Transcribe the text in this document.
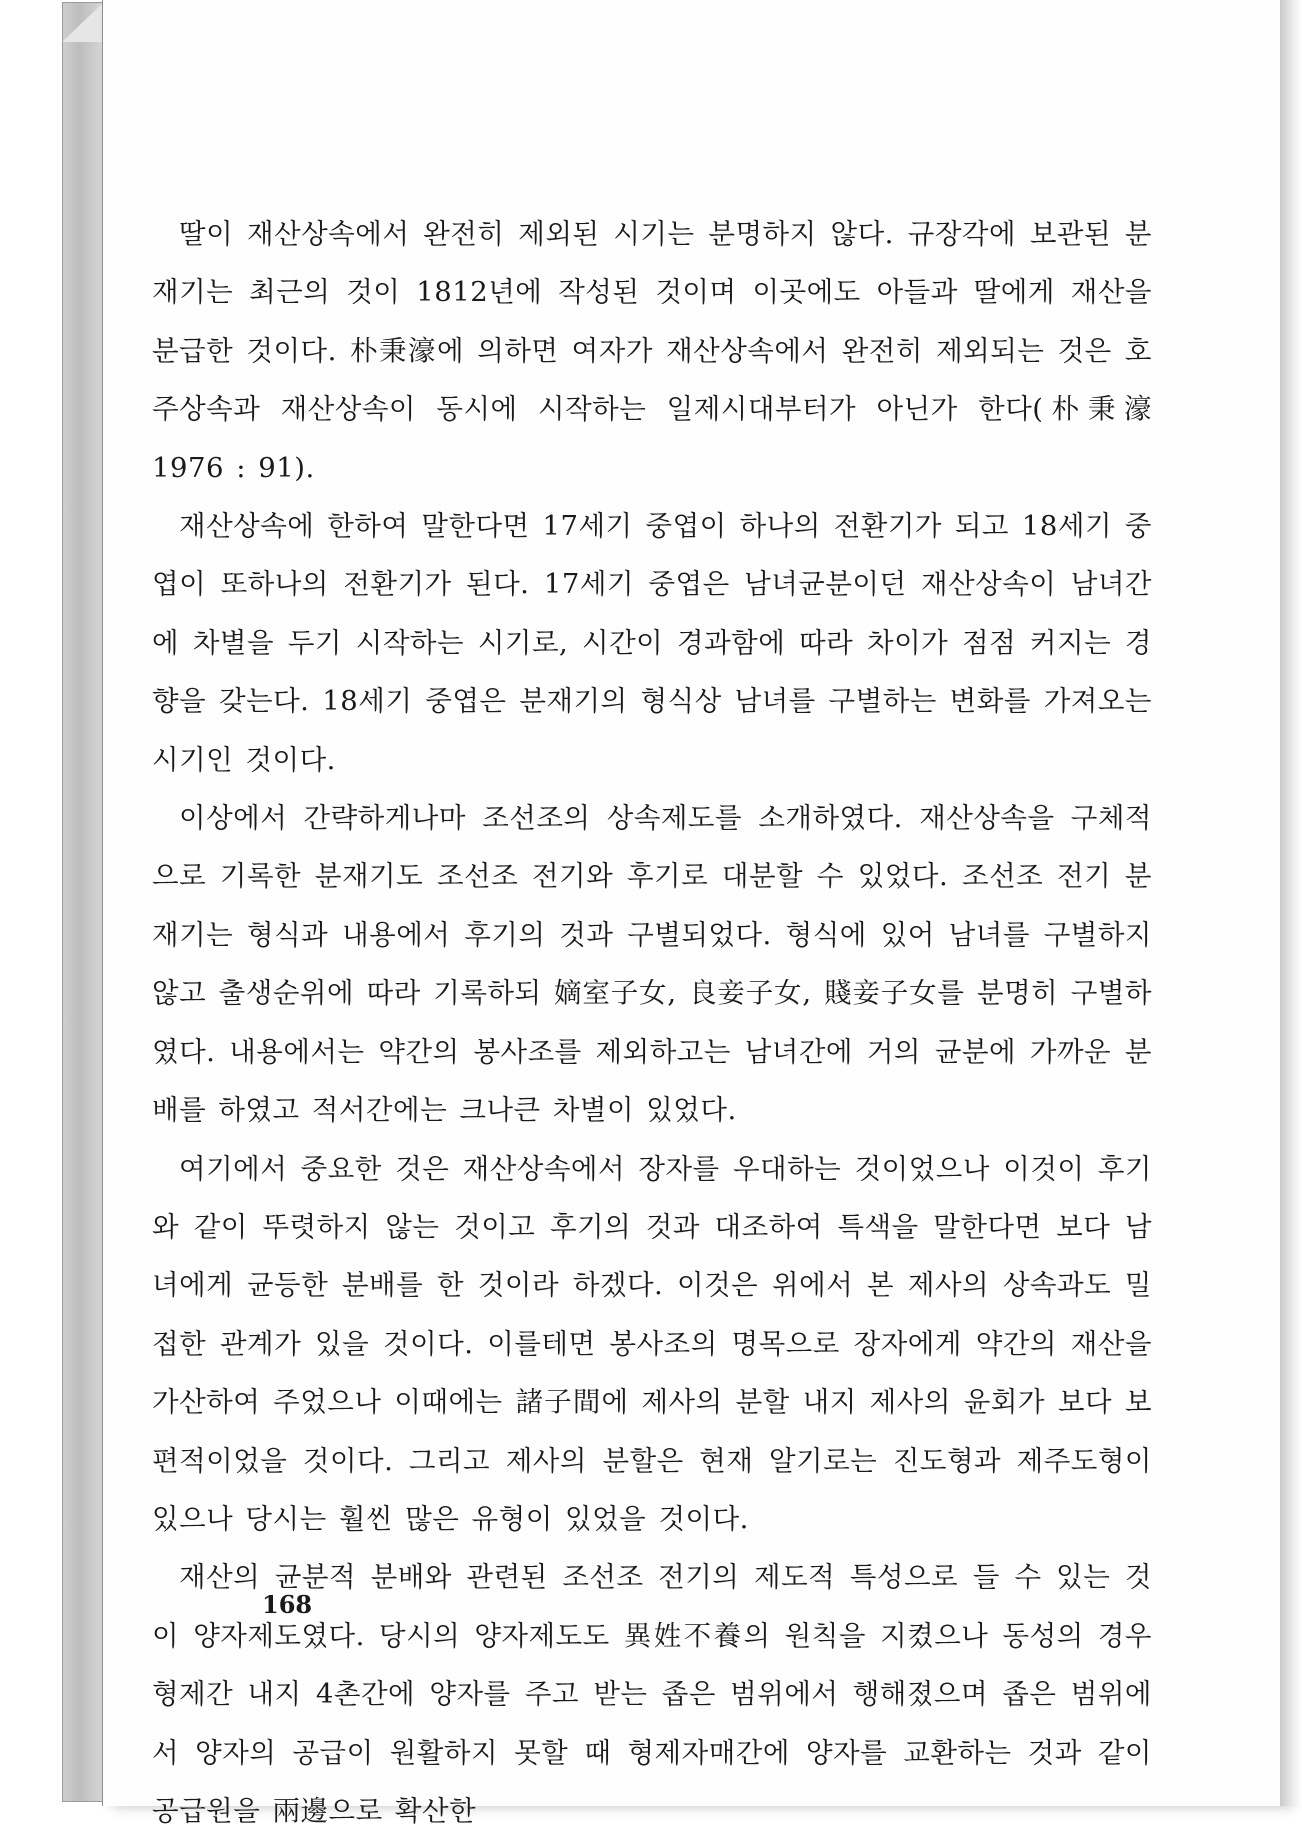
딸이 재산상속에서 완전히 제외된 시기는 분명하지 않다. 규장각에 보관된 분재기는 최근의 것이 1812년에 작성된 것이며 이곳에도 아들과 딸에게 재산을 분급한 것이다. 朴秉濠에 의하면 여자가 재산상속에서 완전히 제외되는 것은 호주상속과 재산상속이 동시에 시작하는 일제시대부터가 아닌가 한다(朴秉濠 1976 : 91).

재산상속에 한하여 말한다면 17세기 중엽이 하나의 전환기가 되고 18세기 중엽이 또하나의 전환기가 된다. 17세기 중엽은 남녀균분이던 재산상속이 남녀간에 차별을 두기 시작하는 시기로, 시간이 경과함에 따라 차이가 점점 커지는 경향을 갖는다. 18세기 중엽은 분재기의 형식상 남녀를 구별하는 변화를 가져오는 시기인 것이다.

이상에서 간략하게나마 조선조의 상속제도를 소개하였다. 재산상속을 구체적으로 기록한 분재기도 조선조 전기와 후기로 대분할 수 있었다. 조선조 전기 분재기는 형식과 내용에서 후기의 것과 구별되었다. 형식에 있어 남녀를 구별하지 않고 출생순위에 따라 기록하되 嫡室子女, 良妾子女, 賤妾子女를 분명히 구별하였다. 내용에서는 약간의 봉사조를 제외하고는 남녀간에 거의 균분에 가까운 분배를 하였고 적서간에는 크나큰 차별이 있었다.

여기에서 중요한 것은 재산상속에서 장자를 우대하는 것이었으나 이것이 후기와 같이 뚜렷하지 않는 것이고 후기의 것과 대조하여 특색을 말한다면 보다 남녀에게 균등한 분배를 한 것이라 하겠다. 이것은 위에서 본 제사의 상속과도 밀접한 관계가 있을 것이다. 이를테면 봉사조의 명목으로 장자에게 약간의 재산을 가산하여 주었으나 이때에는 諸子間에 제사의 분할 내지 제사의 윤회가 보다 보편적이었을 것이다. 그리고 제사의 분할은 현재 알기로는 진도형과 제주도형이 있으나 당시는 훨씬 많은 유형이 있었을 것이다.

재산의 균분적 분배와 관련된 조선조 전기의 제도적 특성으로 들 수 있는 것이 양자제도였다. 당시의 양자제도도 異姓不養의 원칙을 지켰으나 동성의 경우 형제간 내지 4촌간에 양자를 주고 받는 좁은 범위에서 행해졌으며 좁은 범위에서 양자의 공급이 원활하지 못할 때 형제자매간에 양자를 교환하는 것과 같이 공급원을 兩邊으로 확산한

168
